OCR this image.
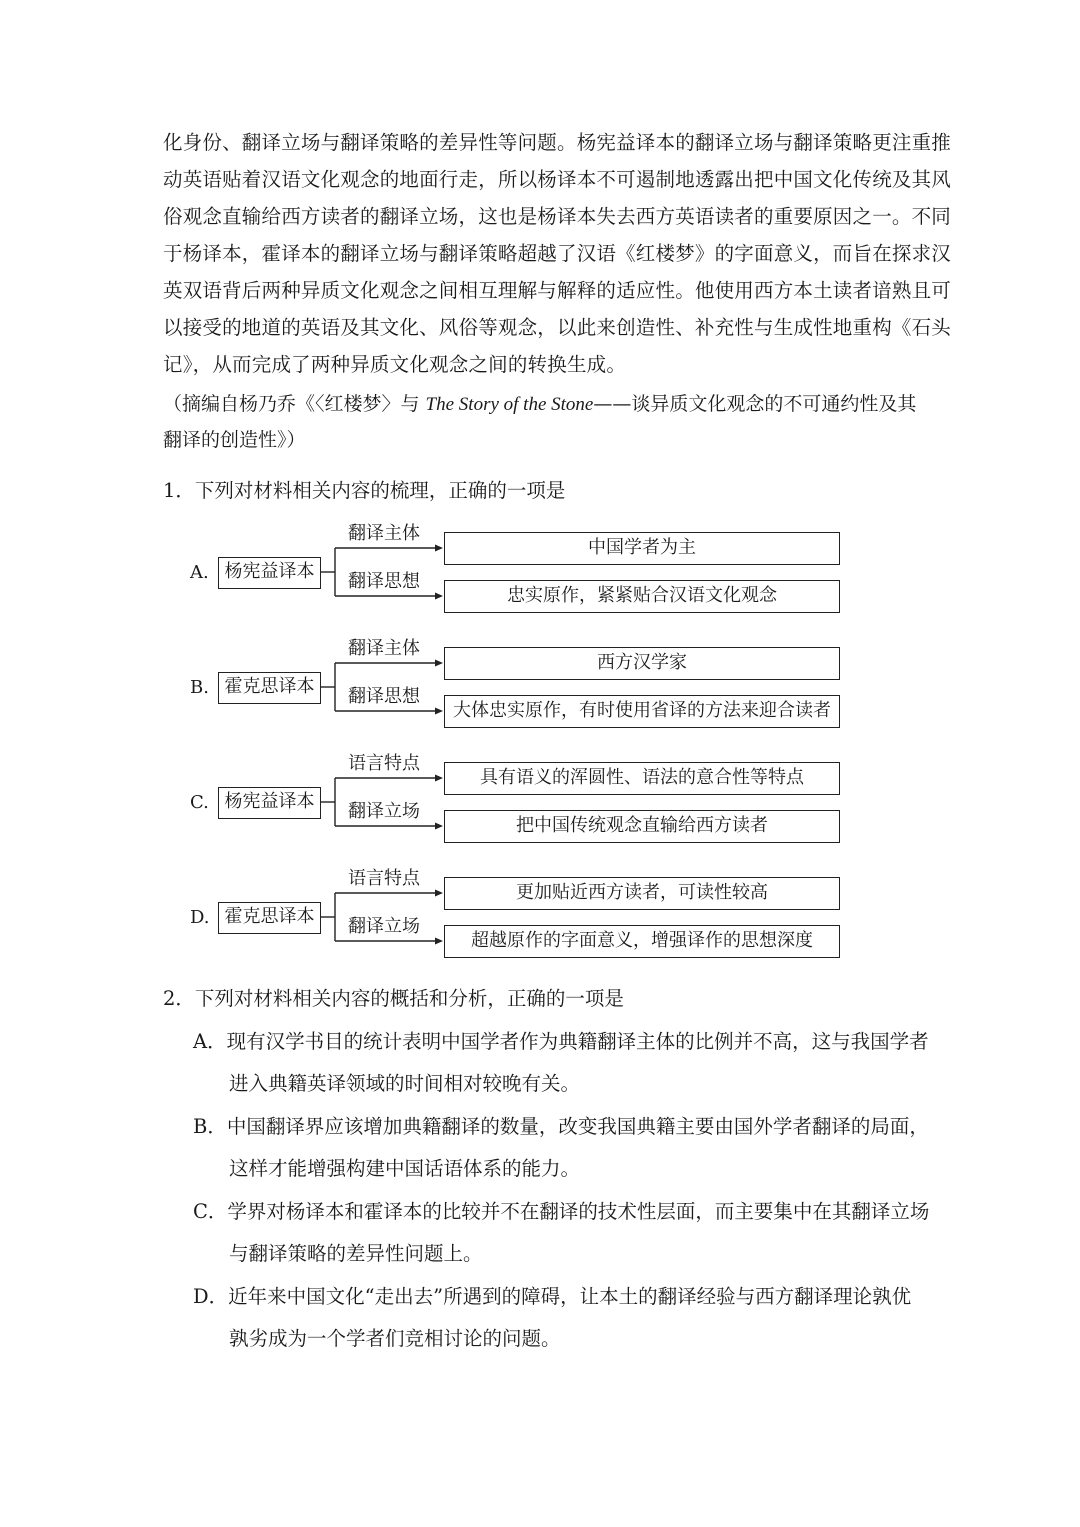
化身份、翻译立场与翻译策略的差异性等问题。杨宪益译本的翻译立场与翻译策略更注重推
动英语贴着汉语文化观念的地面行走，所以杨译本不可遏制地透露出把中国文化传统及其风
俗观念直输给西方读者的翻译立场，这也是杨译本失去西方英语读者的重要原因之一。不同
于杨译本，霍译本的翻译立场与翻译策略超越了汉语《红楼梦》的字面意义，而旨在探求汉
英双语背后两种异质文化观念之间相互理解与解释的适应性。他使用西方本土读者谙熟且可
以接受的地道的英语及其文化、风俗等观念，以此来创造性、补充性与生成性地重构《石头
记》，从而完成了两种异质文化观念之间的转换生成。
（摘编自杨乃乔《〈红楼梦〉与 The Story of the Stone——谈异质文化观念的不可通约性及其
翻译的创造性》）
1．下列对材料相关内容的梳理，正确的一项是
A. 杨宪益译本
翻译主体
翻译思想
中国学者为主
忠实原作，紧紧贴合汉语文化观念
B. 霍克思译本
翻译主体
翻译思想
西方汉学家
大体忠实原作，有时使用省译的方法来迎合读者
C. 杨宪益译本
语言特点
翻译立场
具有语义的浑圆性、语法的意合性等特点
把中国传统观念直输给西方读者
D. 霍克思译本
语言特点
翻译立场
更加贴近西方读者，可读性较高
超越原作的字面意义，增强译作的思想深度
2．下列对材料相关内容的概括和分析，正确的一项是
A．现有汉学书目的统计表明中国学者作为典籍翻译主体的比例并不高，这与我国学者
进入典籍英译领域的时间相对较晚有关。
B．中国翻译界应该增加典籍翻译的数量，改变我国典籍主要由国外学者翻译的局面，
这样才能增强构建中国话语体系的能力。
C．学界对杨译本和霍译本的比较并不在翻译的技术性层面，而主要集中在其翻译立场
与翻译策略的差异性问题上。
D．近年来中国文化“走出去”所遇到的障碍，让本土的翻译经验与西方翻译理论孰优
孰劣成为一个学者们竞相讨论的问题。
